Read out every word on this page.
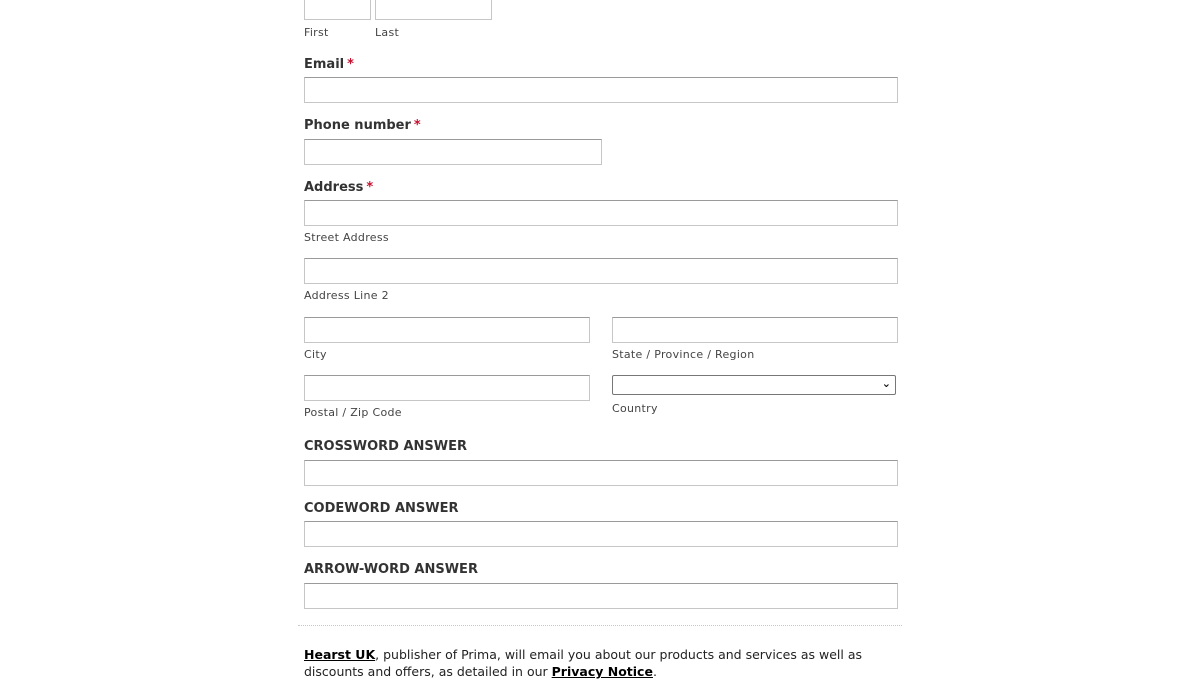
First	Last
Email *
Phone number *
Address *
Street Address
Address Line 2
City	State / Province / Region
Postal / Zip Code
⌄
Country
CROSSWORD ANSWER
CODEWORD ANSWER
ARROW-WORD ANSWER
Hearst UK, publisher of Prima, will email you about our products and services as well as discounts and offers, as detailed in our Privacy Notice.
